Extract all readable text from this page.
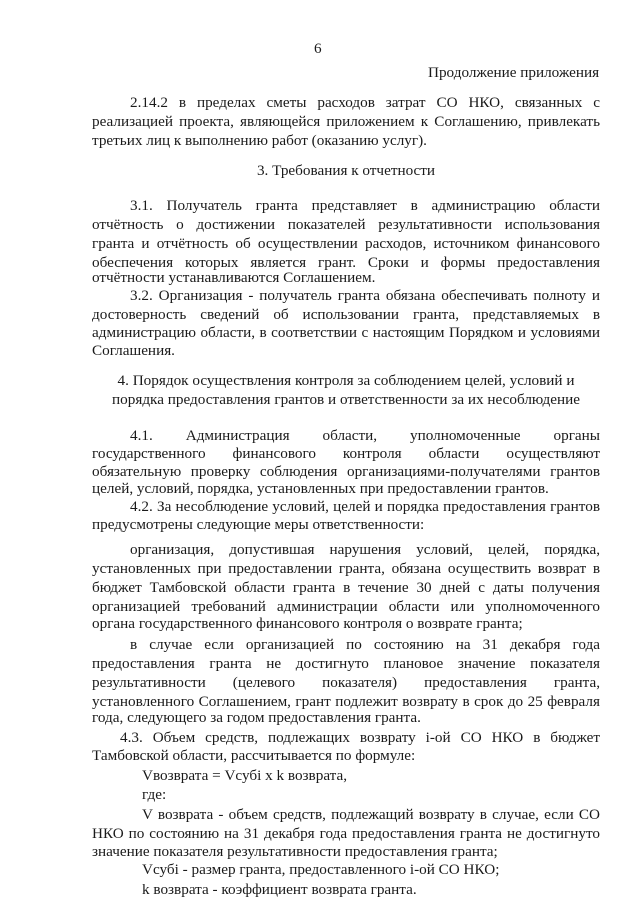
6
Продолжение приложения
2.14.2 в пределах сметы расходов затрат СО НКО, связанных с
реализацией проекта, являющейся приложением к Соглашению, привлекать
третьих лиц к выполнению работ (оказанию услуг).
3. Требования к отчетности
3.1. Получатель гранта представляет в администрацию области
отчётность о достижении показателей результативности использования
гранта и отчётность об осуществлении расходов, источником финансового
обеспечения которых является грант. Сроки и формы предоставления
отчётности устанавливаются Соглашением.
3.2. Организация - получатель гранта обязана обеспечивать полноту и
достоверность сведений об использовании гранта, представляемых в
администрацию области, в соответствии с настоящим Порядком и условиями
Соглашения.
4. Порядок осуществления контроля за соблюдением целей, условий и
порядка предоставления грантов и ответственности за их несоблюдение
4.1. Администрация области, уполномоченные органы
государственного финансового контроля области осуществляют
обязательную проверку соблюдения организациями-получателями грантов
целей, условий, порядка, установленных при предоставлении грантов.
4.2. За несоблюдение условий, целей и порядка предоставления грантов
предусмотрены следующие меры ответственности:
организация, допустившая нарушения условий, целей, порядка,
установленных при предоставлении гранта, обязана осуществить возврат в
бюджет Тамбовской области гранта в течение 30 дней с даты получения
организацией требований администрации области или уполномоченного
органа государственного финансового контроля о возврате гранта;
в случае если организацией по состоянию на 31 декабря года
предоставления гранта не достигнуто плановое значение показателя
результативности (целевого показателя) предоставления гранта,
установленного Соглашением, грант подлежит возврату в срок до 25 февраля
года, следующего за годом предоставления гранта.
4.3. Объем средств, подлежащих возврату i-ой СО НКО в бюджет
Тамбовской области, рассчитывается по формуле:
Vвозврата = Vсубi x k возврата,
где:
V возврата - объем средств, подлежащий возврату в случае, если СО
НКО по состоянию на 31 декабря года предоставления гранта не достигнуто
значение показателя результативности предоставления гранта;
Vсубi - размер гранта, предоставленного i-ой СО НКО;
k возврата - коэффициент возврата гранта.
